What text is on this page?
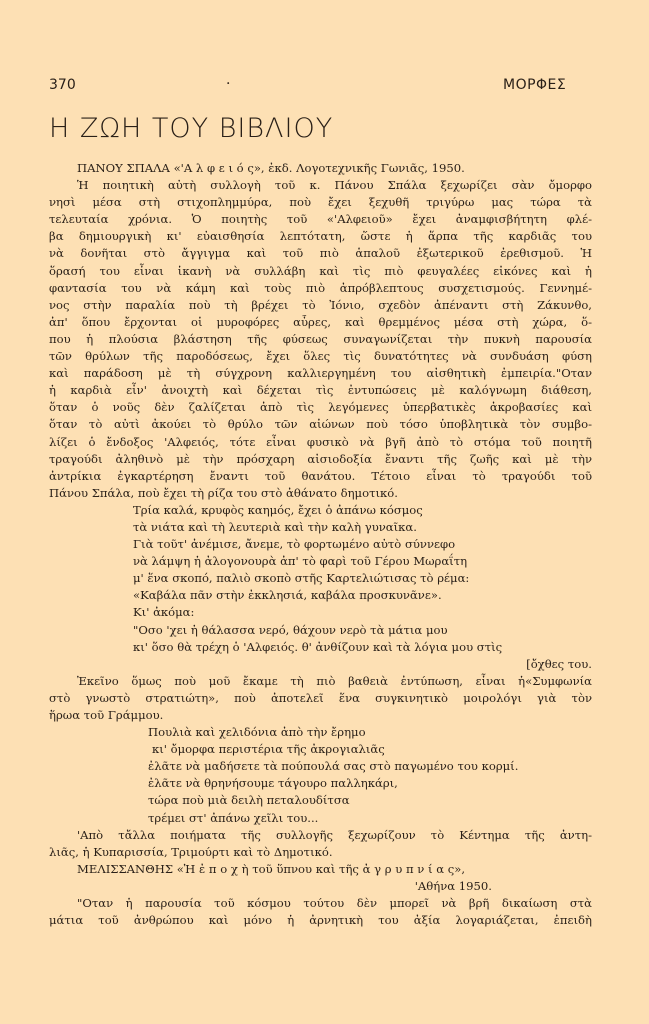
370	·	ΜΟΡΦΕΣ
Η ΖΩΗ ΤΟΥ ΒΙΒΛΙΟΥ
ΠΑΝΟΥ ΣΠΑΛΑ «'Α λ φ ε ι ό ς», ἐκδ. Λογοτεχνικῆς Γωνιᾶς, 1950.
Ἡ ποιητικὴ αὐτὴ συλλογὴ τοῦ κ. Πάνου Σπάλα ξεχωρίζει σὰν ὄμορφο
νησὶ μέσα στὴ στιχοπλημμύρα, ποὺ ἔχει ξεχυθῆ τριγύρω μας τώρα τὰ
τελευταία χρόνια. Ὁ ποιητὴς τοῦ «'Αλφειοῦ» ἔχει ἀναμφισβήτητη φλέ-
βα δημιουργικὴ κι' εὐαισθησία λεπτότατη, ὥστε ἡ ἅρπα τῆς καρδιᾶς του
νὰ δονῆται στὸ ἄγγιγμα καὶ τοῦ πιὸ ἁπαλοῦ ἐξωτερικοῦ ἐρεθισμοῦ. Ἡ
ὅρασή του εἶναι ἱκανὴ νὰ συλλάβη καὶ τὶς πιὸ φευγαλέες εἰκόνες καὶ ἡ
φαντασία του νὰ κάμη καὶ τοὺς πιὸ ἀπρόβλεπτους συσχετισμούς. Γεννημέ-
νος στὴν παραλία ποὺ τὴ βρέχει τὸ Ἰόνιο, σχεδὸν ἀπέναντι στὴ Ζάκυνθο,
ἀπ' ὅπου ἔρχονται οἱ μυροφόρες αὖρες, καὶ θρεμμένος μέσα στὴ χώρα, ὅ-
που ἡ πλούσια βλάστηση τῆς φύσεως συναγωνίζεται τὴν πυκνὴ παρουσία
τῶν θρύλων τῆς παροδόσεως, ἔχει ὅλες τὶς δυνατότητες νὰ συνδυάση φύση
καὶ παράδοση μὲ τὴ σύγχρονη καλλιεργημένη του αἰσθητικὴ ἐμπειρία."Οταν
ἡ καρδιὰ εἶν' ἀνοιχτὴ καὶ δέχεται τὶς ἐντυπώσεις μὲ καλόγνωμη διάθεση,
ὅταν ὁ νοῦς δὲν ζαλίζεται ἀπὸ τὶς λεγόμενες ὑπερβατικὲς ἀκροβασίες καὶ
ὅταν τὸ αὐτὶ ἀκούει τὸ θρύλο τῶν αἰώνων ποὺ τόσο ὑποβλητικὰ τὸν συμβο-
λίζει ὁ ἔνδοξος 'Αλφειός, τότε εἶναι φυσικὸ νὰ βγῆ ἀπὸ τὸ στόμα τοῦ ποιητῆ
τραγούδι ἀληθινὸ μὲ τὴν πρόσχαρη αἰσιοδοξία ἔναντι τῆς ζωῆς καὶ μὲ τὴν
ἀντρίκια ἐγκαρτέρηση ἔναντι τοῦ θανάτου. Τέτοιο εἶναι τὸ τραγούδι τοῦ
Πάνου Σπάλα, ποὺ ἔχει τὴ ρίζα του στὸ ἀθάνατο δημοτικό.
Τρία καλά, κρυφὸς καημός, ἔχει ὁ ἀπάνω κόσμος
τὰ νιάτα καὶ τὴ λευτεριὰ καὶ τὴν καλὴ γυναῖκα.
Γιὰ τοῦτ' ἀνέμισε, ἄνεμε, τὸ φορτωμένο αὐτὸ σύννεφο
νὰ λάμψη ἡ ἀλογονουρὰ ἀπ' τὸ φαρὶ τοῦ Γέρου Μωραΐτη
μ' ἕνα σκοπό, παλιὸ σκοπὸ στῆς Καρτελιώτισας τὸ ρέμα:
«Καβάλα πᾶν στὴν ἐκκλησιά, καβάλα προσκυνᾶνε».
Κι' ἀκόμα:
"Οσο 'χει ἡ θάλασσα νερό, θάχουν νερὸ τὰ μάτια μου
κι' ὅσο θὰ τρέχη ὁ 'Αλφειός. θ' ἀνθίζουν καὶ τὰ λόγια μου στὶς
[ὄχθες του.
Ἐκεῖνο ὅμως ποὺ μοῦ ἔκαμε τὴ πιὸ βαθειὰ ἐντύπωση, εἶναι ἡ«Συμφωνία
στὸ γνωστὸ στρατιώτη», ποὺ ἀποτελεῖ ἕνα συγκινητικὸ μοιρολόγι γιὰ τὸν
ἥρωα τοῦ Γράμμου.
Πουλιὰ καὶ χελιδόνια ἀπὸ τὴν ἔρημο
κι' ὄμορφα περιστέρια τῆς ἀκρογιαλιᾶς
ἐλᾶτε νὰ μαδήσετε τὰ πούπουλά σας στὸ παγωμένο του κορμί.
ἐλᾶτε νὰ θρηνήσουμε τάγουρο παλληκάρι,
τώρα ποὺ μιὰ δειλὴ πεταλουδίτσα
τρέμει στ' ἀπάνω χεῖλι του...
'Απὸ τἄλλα ποιήματα τῆς συλλογῆς ξεχωρίζουν τὸ Κέντημα τῆς ἀντη-
λιᾶς, ἡ Κυπαρισσία, Τριμούρτι καὶ τὸ Δημοτικό.
ΜΕΛΙΣΣΑΝΘΗΣ «Ἡ ἐ π ο χ ὴ τοῦ ὕπνου καὶ τῆς ἀ γ ρ υ π ν ί α ς»,
'Αθήνα 1950.
"Οταν ἡ παρουσία τοῦ κόσμου τούτου δὲν μπορεῖ νὰ βρῆ δικαίωση στὰ
μάτια τοῦ ἀνθρώπου καὶ μόνο ἡ ἀρνητικὴ του ἀξία λογαριάζεται, ἐπειδὴ
